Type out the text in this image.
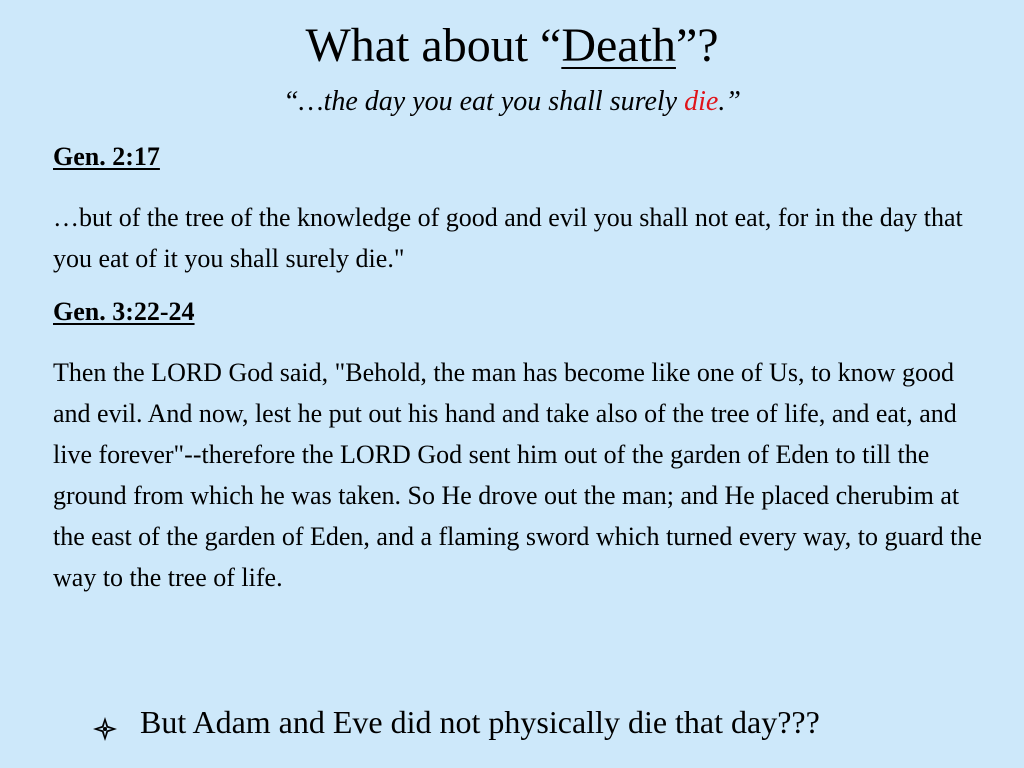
What about “Death”?
“…the day you eat you shall surely die.”
Gen. 2:17
…but of the tree of the knowledge of good and evil you shall not eat, for in the day that you eat of it you shall surely die."
Gen. 3:22-24
Then the LORD God said, "Behold, the man has become like one of Us, to know good and evil. And now, lest he put out his hand and take also of the tree of life, and eat, and live forever"--therefore the LORD God sent him out of the garden of Eden to till the ground from which he was taken. So He drove out the man; and He placed cherubim at the east of the garden of Eden, and a flaming sword which turned every way, to guard the way to the tree of life.
But Adam and Eve did not physically die that day???
